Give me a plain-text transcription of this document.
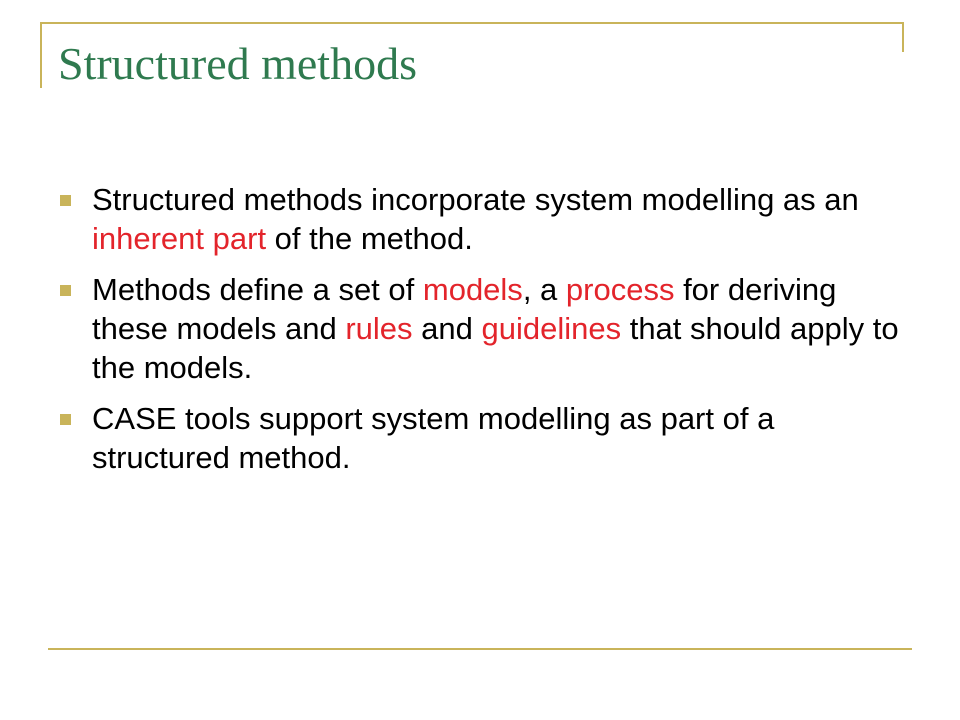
Structured methods
Structured methods incorporate system modelling as an inherent part of the method.
Methods define a set of models, a process for deriving these models and rules and guidelines that should apply to the models.
CASE tools support system modelling as part of a structured method.
